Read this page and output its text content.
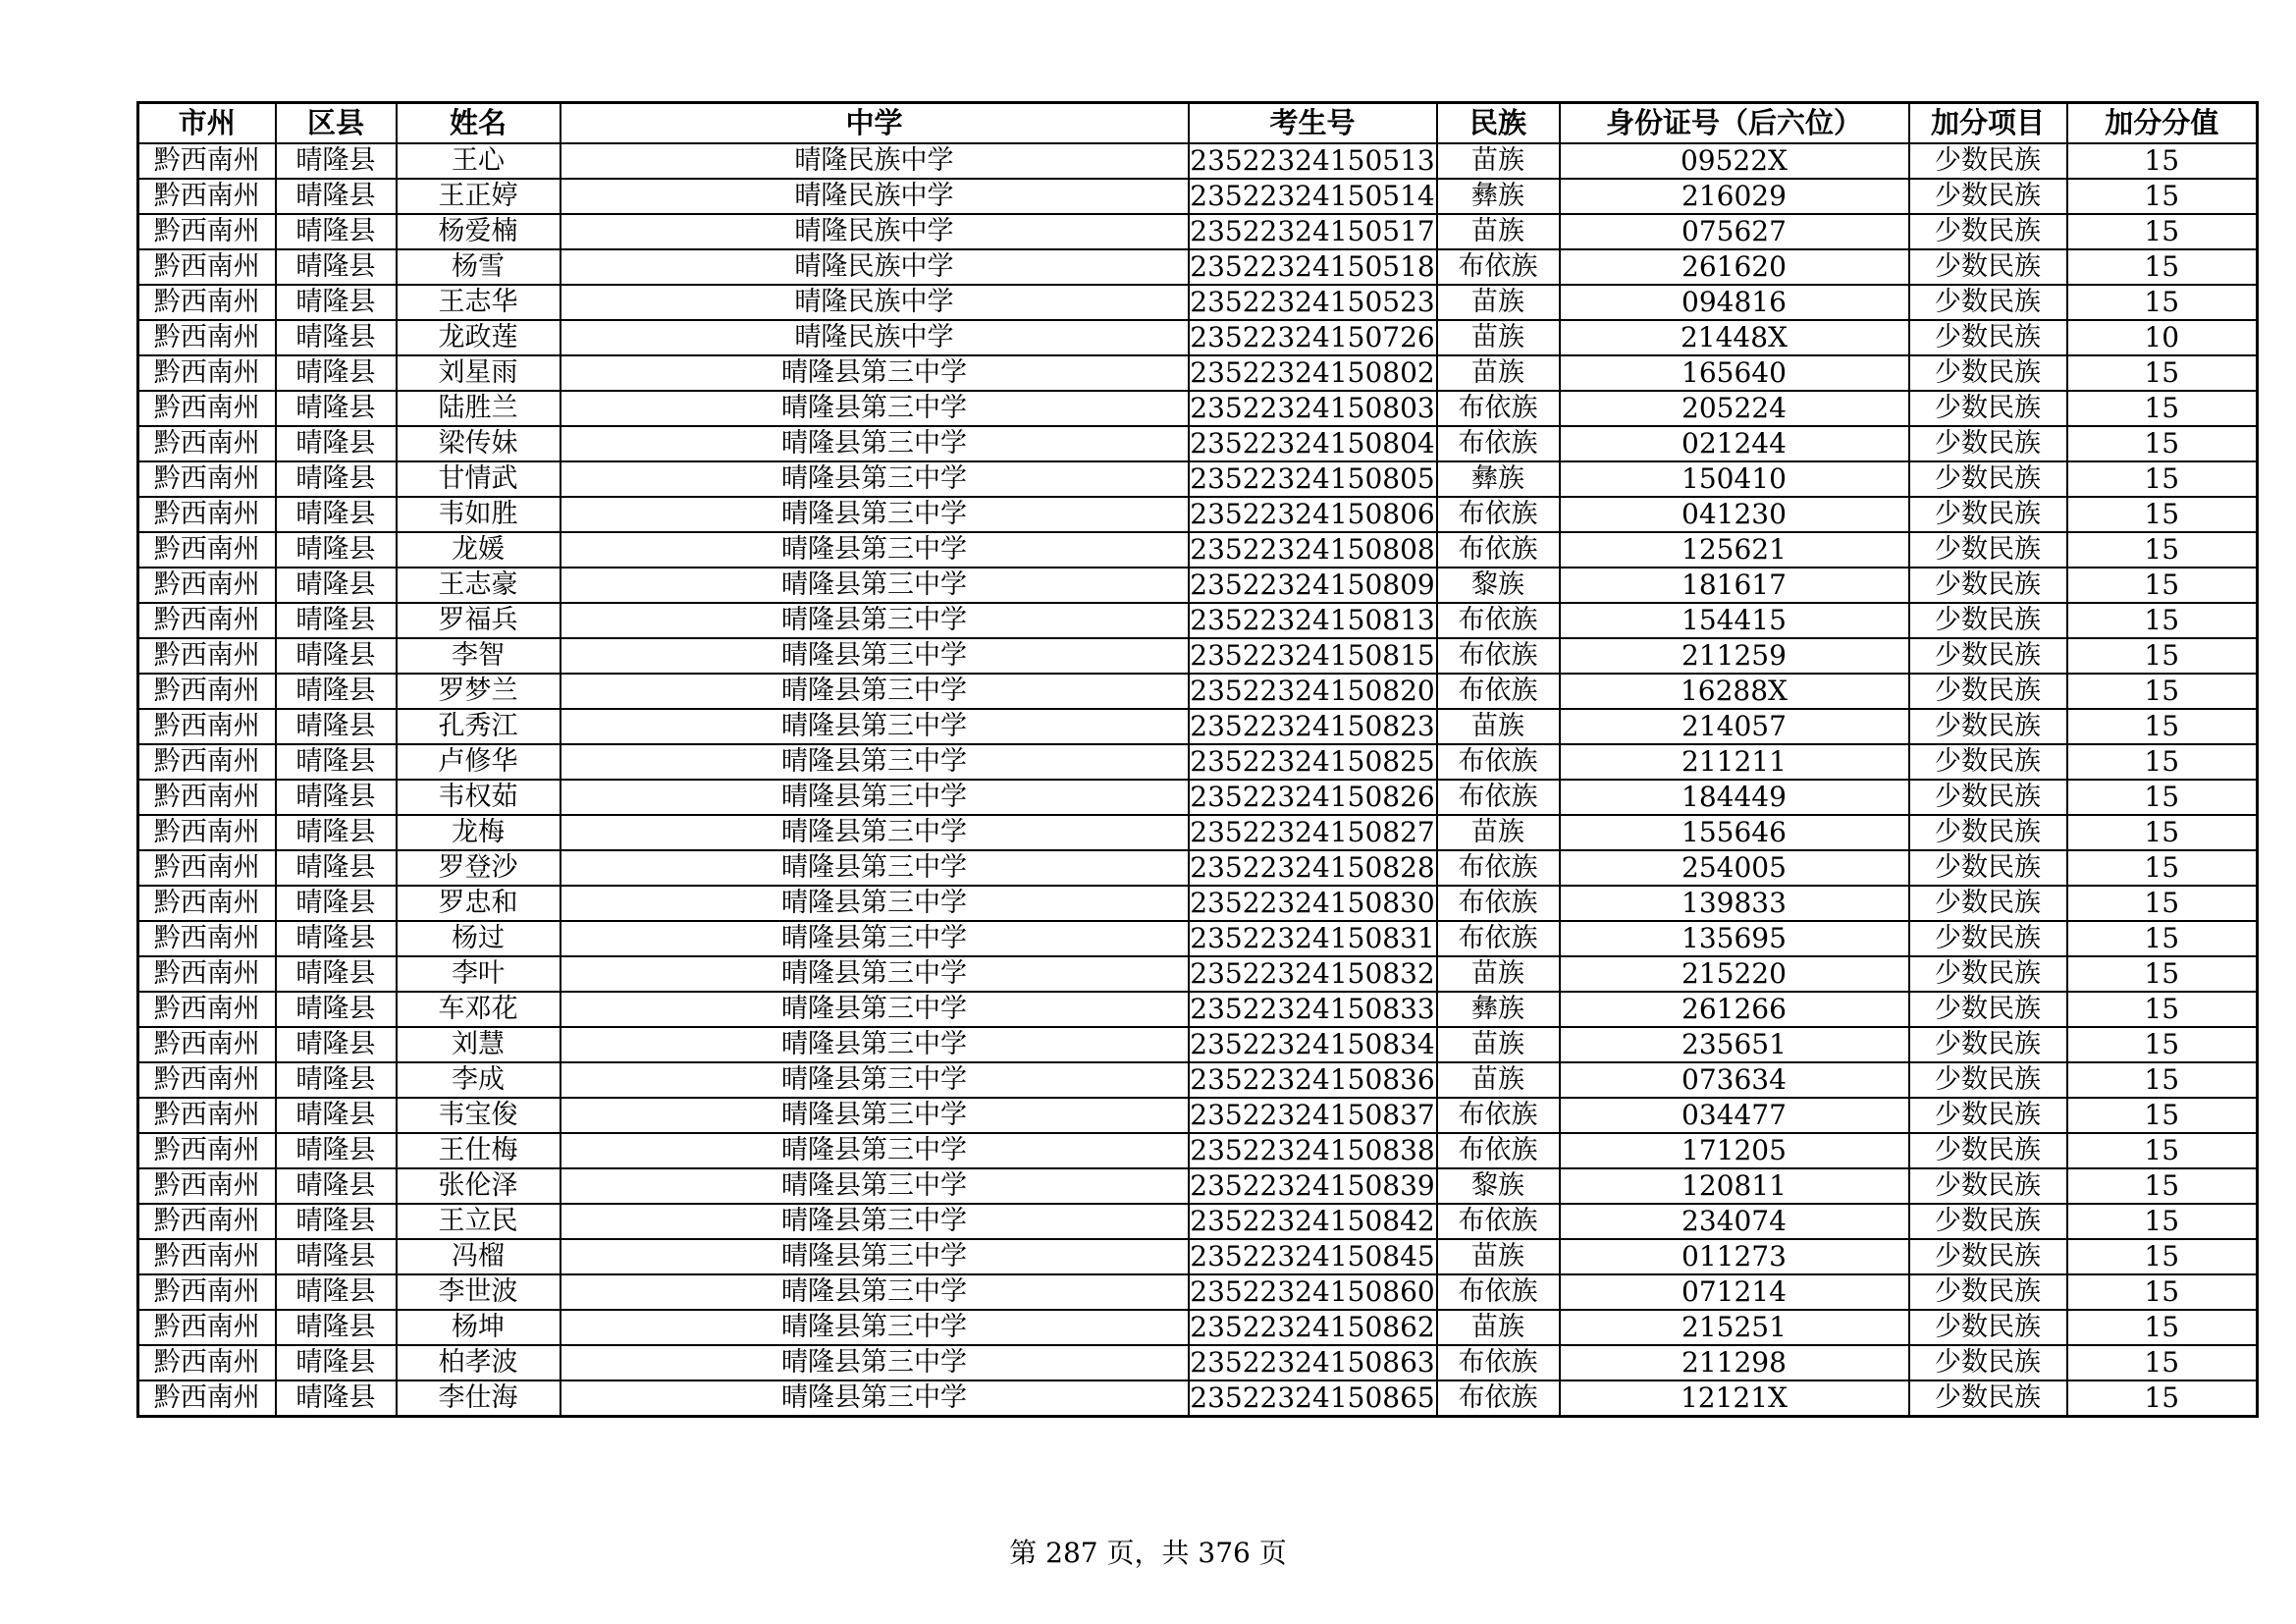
市州	区县	姓名	中学	考生号	民族	身份证号（后六位）	加分项目	加分分值
黔西南州	晴隆县	王心	晴隆民族中学	23522324150513	苗族	09522X	少数民族	15
黔西南州	晴隆县	王正婷	晴隆民族中学	23522324150514	彝族	216029	少数民族	15
黔西南州	晴隆县	杨爱楠	晴隆民族中学	23522324150517	苗族	075627	少数民族	15
黔西南州	晴隆县	杨雪	晴隆民族中学	23522324150518	布依族	261620	少数民族	15
黔西南州	晴隆县	王志华	晴隆民族中学	23522324150523	苗族	094816	少数民族	15
黔西南州	晴隆县	龙政莲	晴隆民族中学	23522324150726	苗族	21448X	少数民族	10
黔西南州	晴隆县	刘星雨	晴隆县第三中学	23522324150802	苗族	165640	少数民族	15
黔西南州	晴隆县	陆胜兰	晴隆县第三中学	23522324150803	布依族	205224	少数民族	15
黔西南州	晴隆县	梁传妹	晴隆县第三中学	23522324150804	布依族	021244	少数民族	15
黔西南州	晴隆县	甘情武	晴隆县第三中学	23522324150805	彝族	150410	少数民族	15
黔西南州	晴隆县	韦如胜	晴隆县第三中学	23522324150806	布依族	041230	少数民族	15
黔西南州	晴隆县	龙媛	晴隆县第三中学	23522324150808	布依族	125621	少数民族	15
黔西南州	晴隆县	王志豪	晴隆县第三中学	23522324150809	黎族	181617	少数民族	15
黔西南州	晴隆县	罗福兵	晴隆县第三中学	23522324150813	布依族	154415	少数民族	15
黔西南州	晴隆县	李智	晴隆县第三中学	23522324150815	布依族	211259	少数民族	15
黔西南州	晴隆县	罗梦兰	晴隆县第三中学	23522324150820	布依族	16288X	少数民族	15
黔西南州	晴隆县	孔秀江	晴隆县第三中学	23522324150823	苗族	214057	少数民族	15
黔西南州	晴隆县	卢修华	晴隆县第三中学	23522324150825	布依族	211211	少数民族	15
黔西南州	晴隆县	韦权茹	晴隆县第三中学	23522324150826	布依族	184449	少数民族	15
黔西南州	晴隆县	龙梅	晴隆县第三中学	23522324150827	苗族	155646	少数民族	15
黔西南州	晴隆县	罗登沙	晴隆县第三中学	23522324150828	布依族	254005	少数民族	15
黔西南州	晴隆县	罗忠和	晴隆县第三中学	23522324150830	布依族	139833	少数民族	15
黔西南州	晴隆县	杨过	晴隆县第三中学	23522324150831	布依族	135695	少数民族	15
黔西南州	晴隆县	李叶	晴隆县第三中学	23522324150832	苗族	215220	少数民族	15
黔西南州	晴隆县	车邓花	晴隆县第三中学	23522324150833	彝族	261266	少数民族	15
黔西南州	晴隆县	刘慧	晴隆县第三中学	23522324150834	苗族	235651	少数民族	15
黔西南州	晴隆县	李成	晴隆县第三中学	23522324150836	苗族	073634	少数民族	15
黔西南州	晴隆县	韦宝俊	晴隆县第三中学	23522324150837	布依族	034477	少数民族	15
黔西南州	晴隆县	王仕梅	晴隆县第三中学	23522324150838	布依族	171205	少数民族	15
黔西南州	晴隆县	张伦泽	晴隆县第三中学	23522324150839	黎族	120811	少数民族	15
黔西南州	晴隆县	王立民	晴隆县第三中学	23522324150842	布依族	234074	少数民族	15
黔西南州	晴隆县	冯榴	晴隆县第三中学	23522324150845	苗族	011273	少数民族	15
黔西南州	晴隆县	李世波	晴隆县第三中学	23522324150860	布依族	071214	少数民族	15
黔西南州	晴隆县	杨坤	晴隆县第三中学	23522324150862	苗族	215251	少数民族	15
黔西南州	晴隆县	柏孝波	晴隆县第三中学	23522324150863	布依族	211298	少数民族	15
黔西南州	晴隆县	李仕海	晴隆县第三中学	23522324150865	布依族	12121X	少数民族	15
第 287 页，共 376 页
